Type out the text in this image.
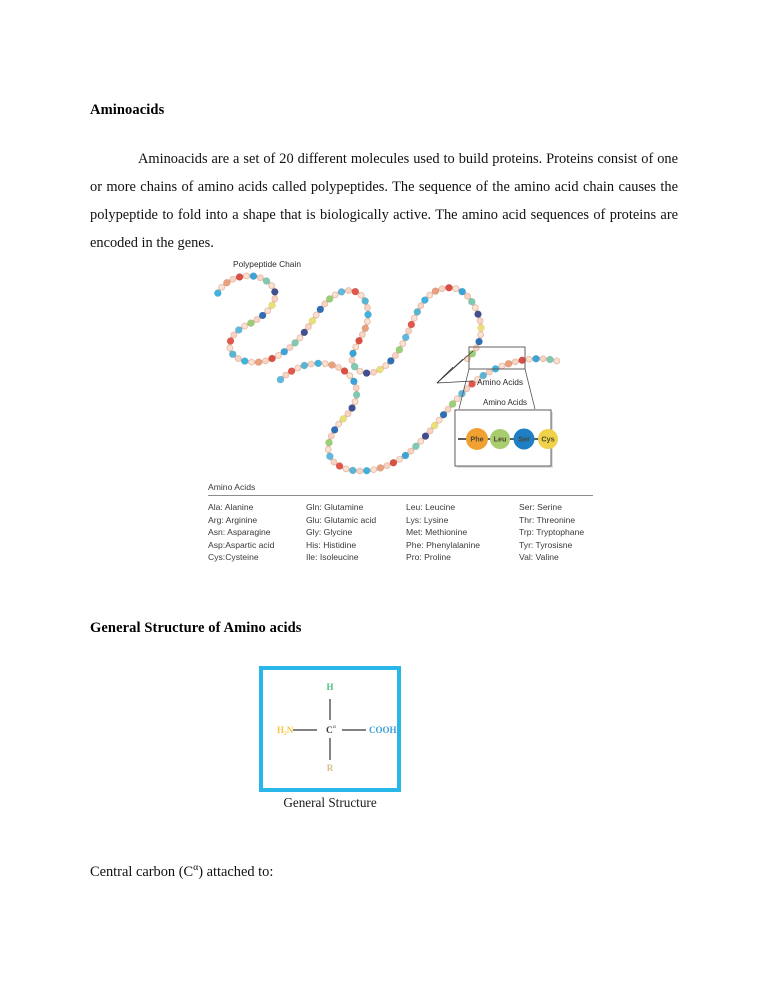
Aminoacids

Aminoacids are a set of 20 different molecules used to build proteins. Proteins consist of one or more chains of amino acids called polypeptides. The sequence of the amino acid chain causes the polypeptide to fold into a shape that is biologically active. The amino acid sequences of proteins are encoded in the genes.

Polypeptide Chain
Amino Acids
Amino Acids
Phe Leu Ser Cys
Amino Acids
Ala: Alanine
Arg: Arginine
Asn: Asparagine
Asp:Aspartic acid
Cys:Cysteine
Gln: Glutamine
Glu: Glutamic acid
Gly: Glycine
His: Histidine
Ile: Isoleucine
Leu: Leucine
Lys: Lysine
Met: Methionine
Phe: Phenylalanine
Pro: Proline
Ser: Serine
Thr: Threonine
Trp: Tryptophane
Tyr: Tyrosisne
Val: Valine
General Structure of Amino acids
H
H₂N	C α	COOH
R
General Structure
Central carbon $(C^\alpha)$ attached to:
